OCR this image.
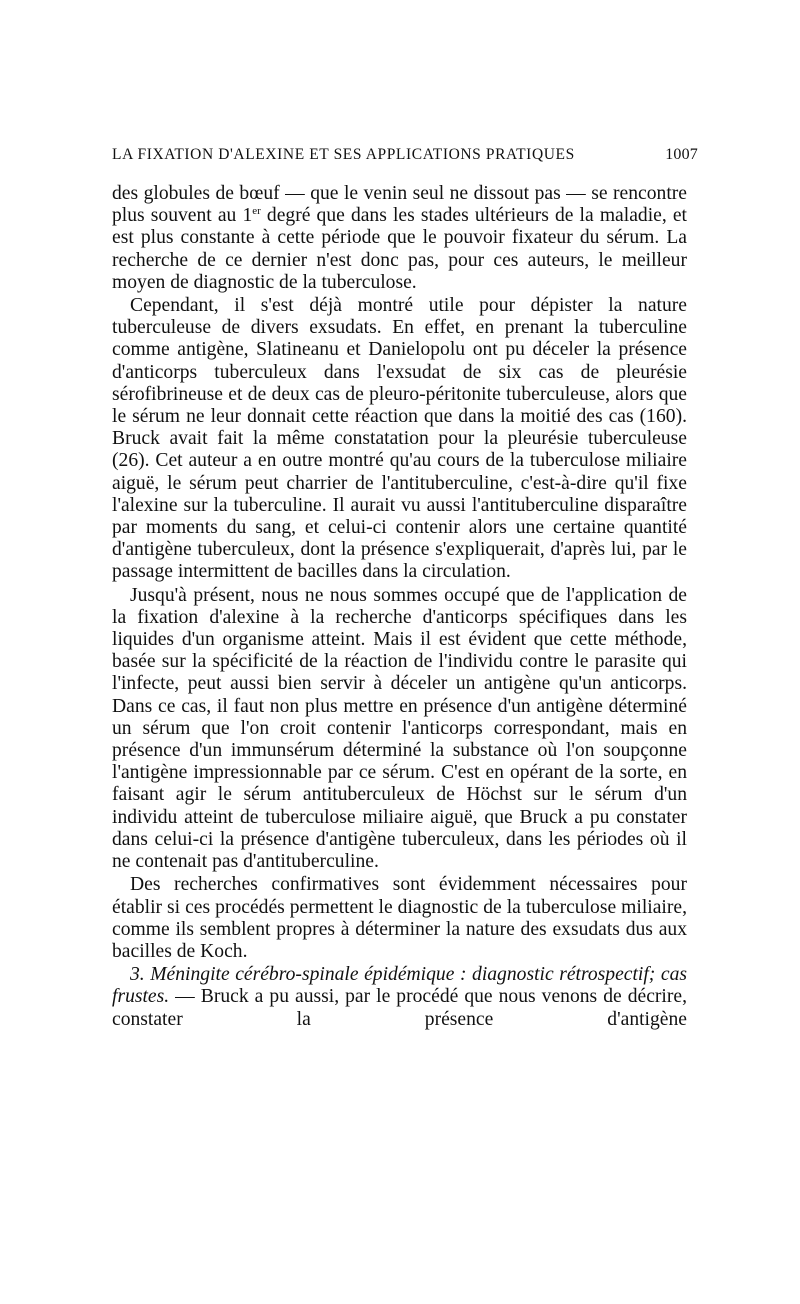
LA FIXATION D'ALEXINE ET SES APPLICATIONS PRATIQUES	1007

des globules de bœuf — que le venin seul ne dissout pas — se rencontre plus souvent au 1er degré que dans les stades ultérieurs de la maladie, et est plus constante à cette période que le pouvoir fixateur du sérum. La recherche de ce dernier n'est donc pas, pour ces auteurs, le meilleur moyen de diagnostic de la tuberculose.

Cependant, il s'est déjà montré utile pour dépister la nature tuberculeuse de divers exsudats. En effet, en prenant la tuberculine comme antigène, Slatineanu et Danielopolu ont pu déceler la présence d'anticorps tuberculeux dans l'exsudat de six cas de pleurésie sérofibrineuse et de deux cas de pleuro-péritonite tuberculeuse, alors que le sérum ne leur donnait cette réaction que dans la moitié des cas (160). Bruck avait fait la même constatation pour la pleurésie tuberculeuse (26). Cet auteur a en outre montré qu'au cours de la tuberculose miliaire aiguë, le sérum peut charrier de l'antituberculine, c'est-à-dire qu'il fixe l'alexine sur la tuberculine. Il aurait vu aussi l'antituberculine disparaître par moments du sang, et celui-ci contenir alors une certaine quantité d'antigène tuberculeux, dont la présence s'expliquerait, d'après lui, par le passage intermittent de bacilles dans la circulation.

Jusqu'à présent, nous ne nous sommes occupé que de l'application de la fixation d'alexine à la recherche d'anticorps spécifiques dans les liquides d'un organisme atteint. Mais il est évident que cette méthode, basée sur la spécificité de la réaction de l'individu contre le parasite qui l'infecte, peut aussi bien servir à déceler un antigène qu'un anticorps. Dans ce cas, il faut non plus mettre en présence d'un antigène déterminé un sérum que l'on croit contenir l'anticorps correspondant, mais en présence d'un immunsérum déterminé la substance où l'on soupçonne l'antigène impressionnable par ce sérum. C'est en opérant de la sorte, en faisant agir le sérum antituberculeux de Höchst sur le sérum d'un individu atteint de tuberculose miliaire aiguë, que Bruck a pu constater dans celui-ci la présence d'antigène tuberculeux, dans les périodes où il ne contenait pas d'antituberculine.

Des recherches confirmatives sont évidemment nécessaires pour établir si ces procédés permettent le diagnostic de la tuberculose miliaire, comme ils semblent propres à déterminer la nature des exsudats dus aux bacilles de Koch.

3. Méningite cérébro-spinale épidémique : diagnostic rétrospectif; cas frustes. — Bruck a pu aussi, par le procédé que nous venons de décrire, constater la présence d'antigène
